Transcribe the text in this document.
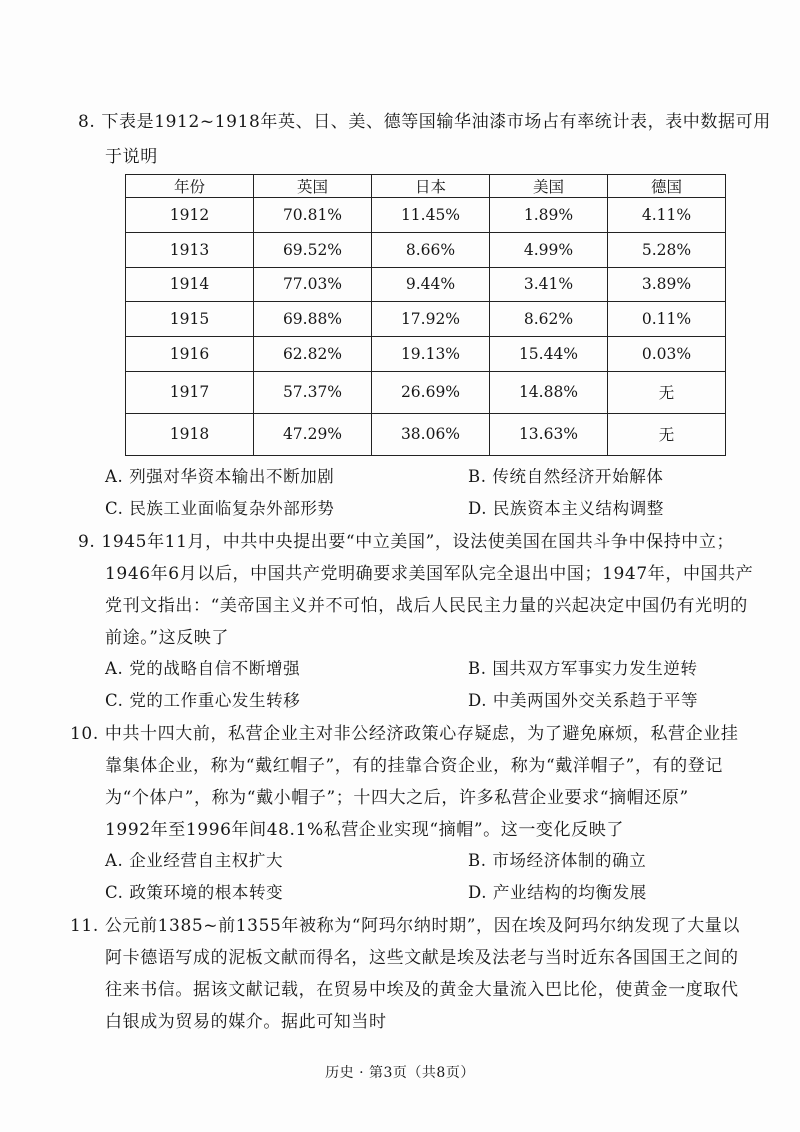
8. 下表是1912~1918年英、日、美、德等国输华油漆市场占有率统计表，表中数据可用
于说明
年份	英国	日本	美国	德国
1912	70.81%	11.45%	1.89%	4.11%
1913	69.52%	8.66%	4.99%	5.28%
1914	77.03%	9.44%	3.41%	3.89%
1915	69.88%	17.92%	8.62%	0.11%
1916	62.82%	19.13%	15.44%	0.03%
1917	57.37%	26.69%	14.88%	无
1918	47.29%	38.06%	13.63%	无
A. 列强对华资本输出不断加剧	B. 传统自然经济开始解体
C. 民族工业面临复杂外部形势	D. 民族资本主义结构调整
9. 1945年11月，中共中央提出要“中立美国”，设法使美国在国共斗争中保持中立；
1946年6月以后，中国共产党明确要求美国军队完全退出中国；1947年，中国共产
党刊文指出：“美帝国主义并不可怕，战后人民民主力量的兴起决定中国仍有光明的
前途。”这反映了
A. 党的战略自信不断增强	B. 国共双方军事实力发生逆转
C. 党的工作重心发生转移	D. 中美两国外交关系趋于平等
10. 中共十四大前，私营企业主对非公经济政策心存疑虑，为了避免麻烦，私营企业挂
靠集体企业，称为“戴红帽子”，有的挂靠合资企业，称为“戴洋帽子”，有的登记
为“个体户”，称为“戴小帽子”；十四大之后，许多私营企业要求“摘帽还原”
1992年至1996年间48.1%私营企业实现“摘帽”。这一变化反映了
A. 企业经营自主权扩大	B. 市场经济体制的确立
C. 政策环境的根本转变	D. 产业结构的均衡发展
11. 公元前1385~前1355年被称为“阿玛尔纳时期”，因在埃及阿玛尔纳发现了大量以
阿卡德语写成的泥板文献而得名，这些文献是埃及法老与当时近东各国国王之间的
往来书信。据该文献记载，在贸易中埃及的黄金大量流入巴比伦，使黄金一度取代
白银成为贸易的媒介。据此可知当时
历史 · 第3页（共8页）
